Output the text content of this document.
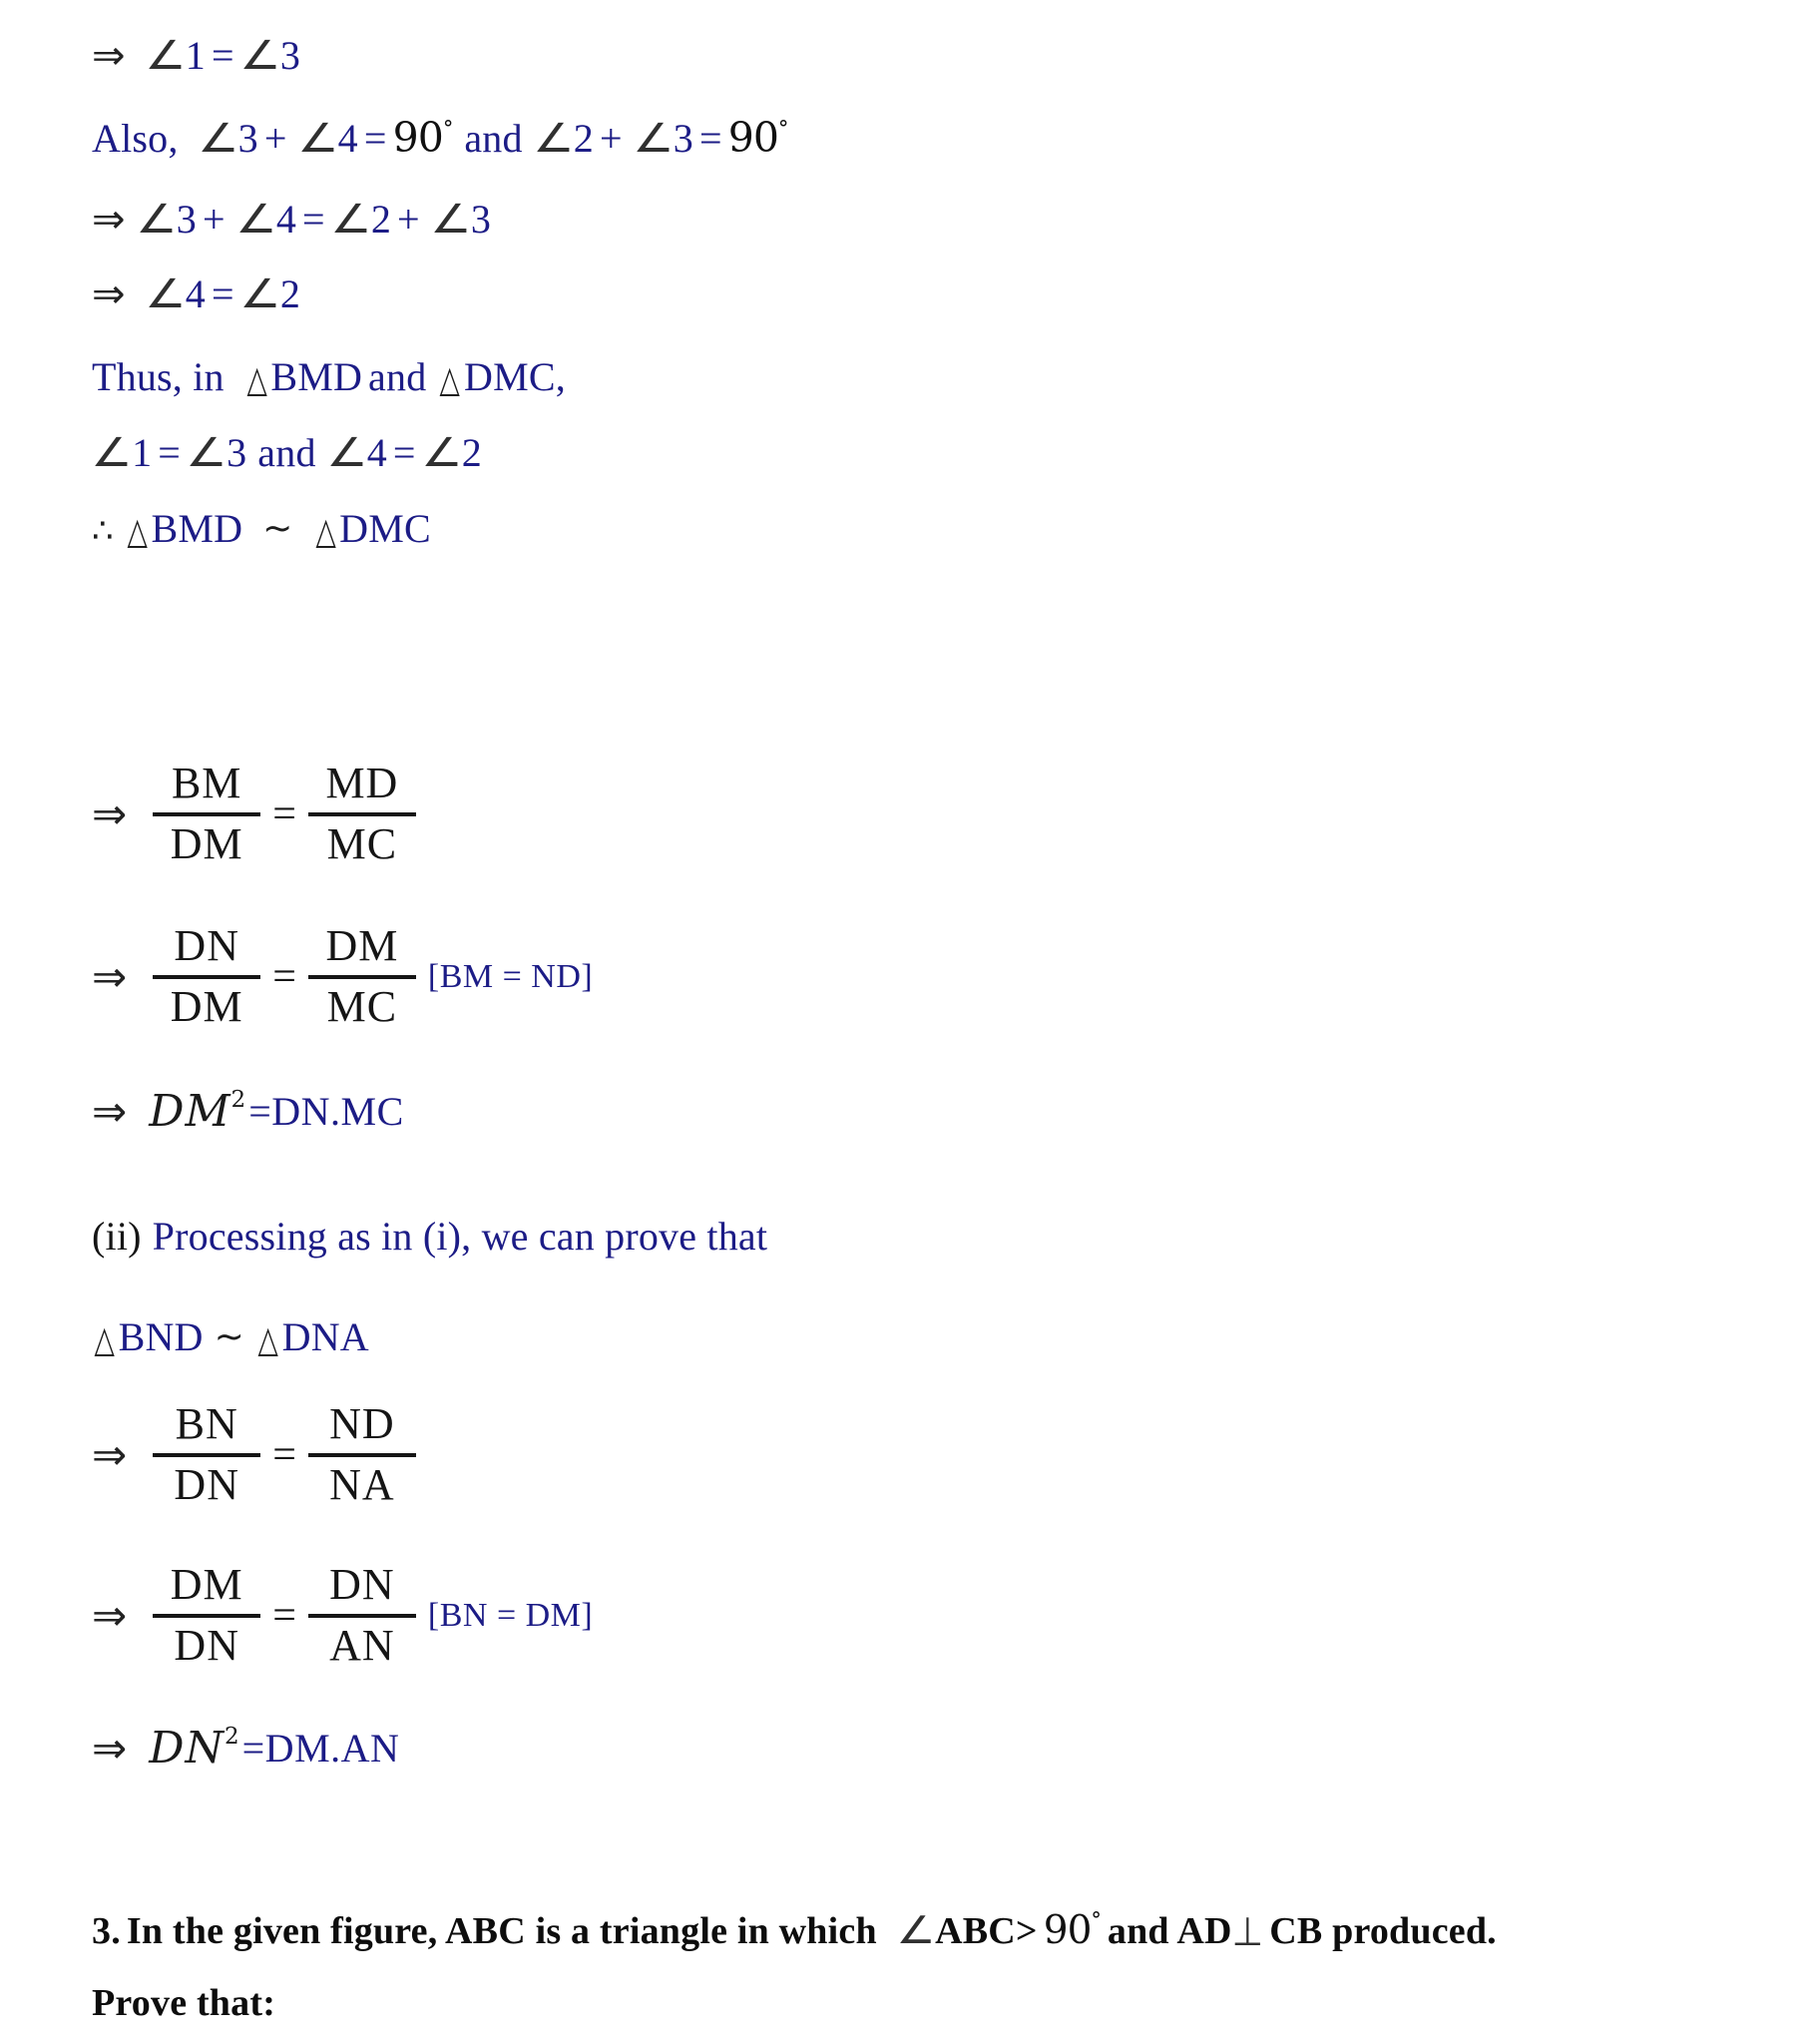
⇒ ∠1 = ∠3
Also, ∠3 + ∠4 = 90° and ∠2 + ∠3 = 90°
⇒ ∠3 + ∠4 = ∠2 + ∠3
⇒ ∠4 = ∠2
Thus, in △BMD and △DMC,
∠1 = ∠3 and ∠4 = ∠2
∴ △BMD ~ △DMC
⇒ $\frac{BM}{DM} = \frac{MD}{MC}$
⇒ $\frac{DN}{DM} = \frac{DM}{MC} [BM = ND]$
⇒ $DM^2 =DN.MC$
(ii) Processing as in (i), we can prove that
△BND ~ △DNA
⇒ $\frac{BN}{DN} = \frac{ND}{NA}$
⇒ $\frac{DM}{DN} = \frac{DN}{AN} [BN = DM]$
⇒ $DN^2 =DM.AN$
3. In the given figure, ABC is a triangle in which ∠ABC> 90° and AD⊥ CB produced.
Prove that:
